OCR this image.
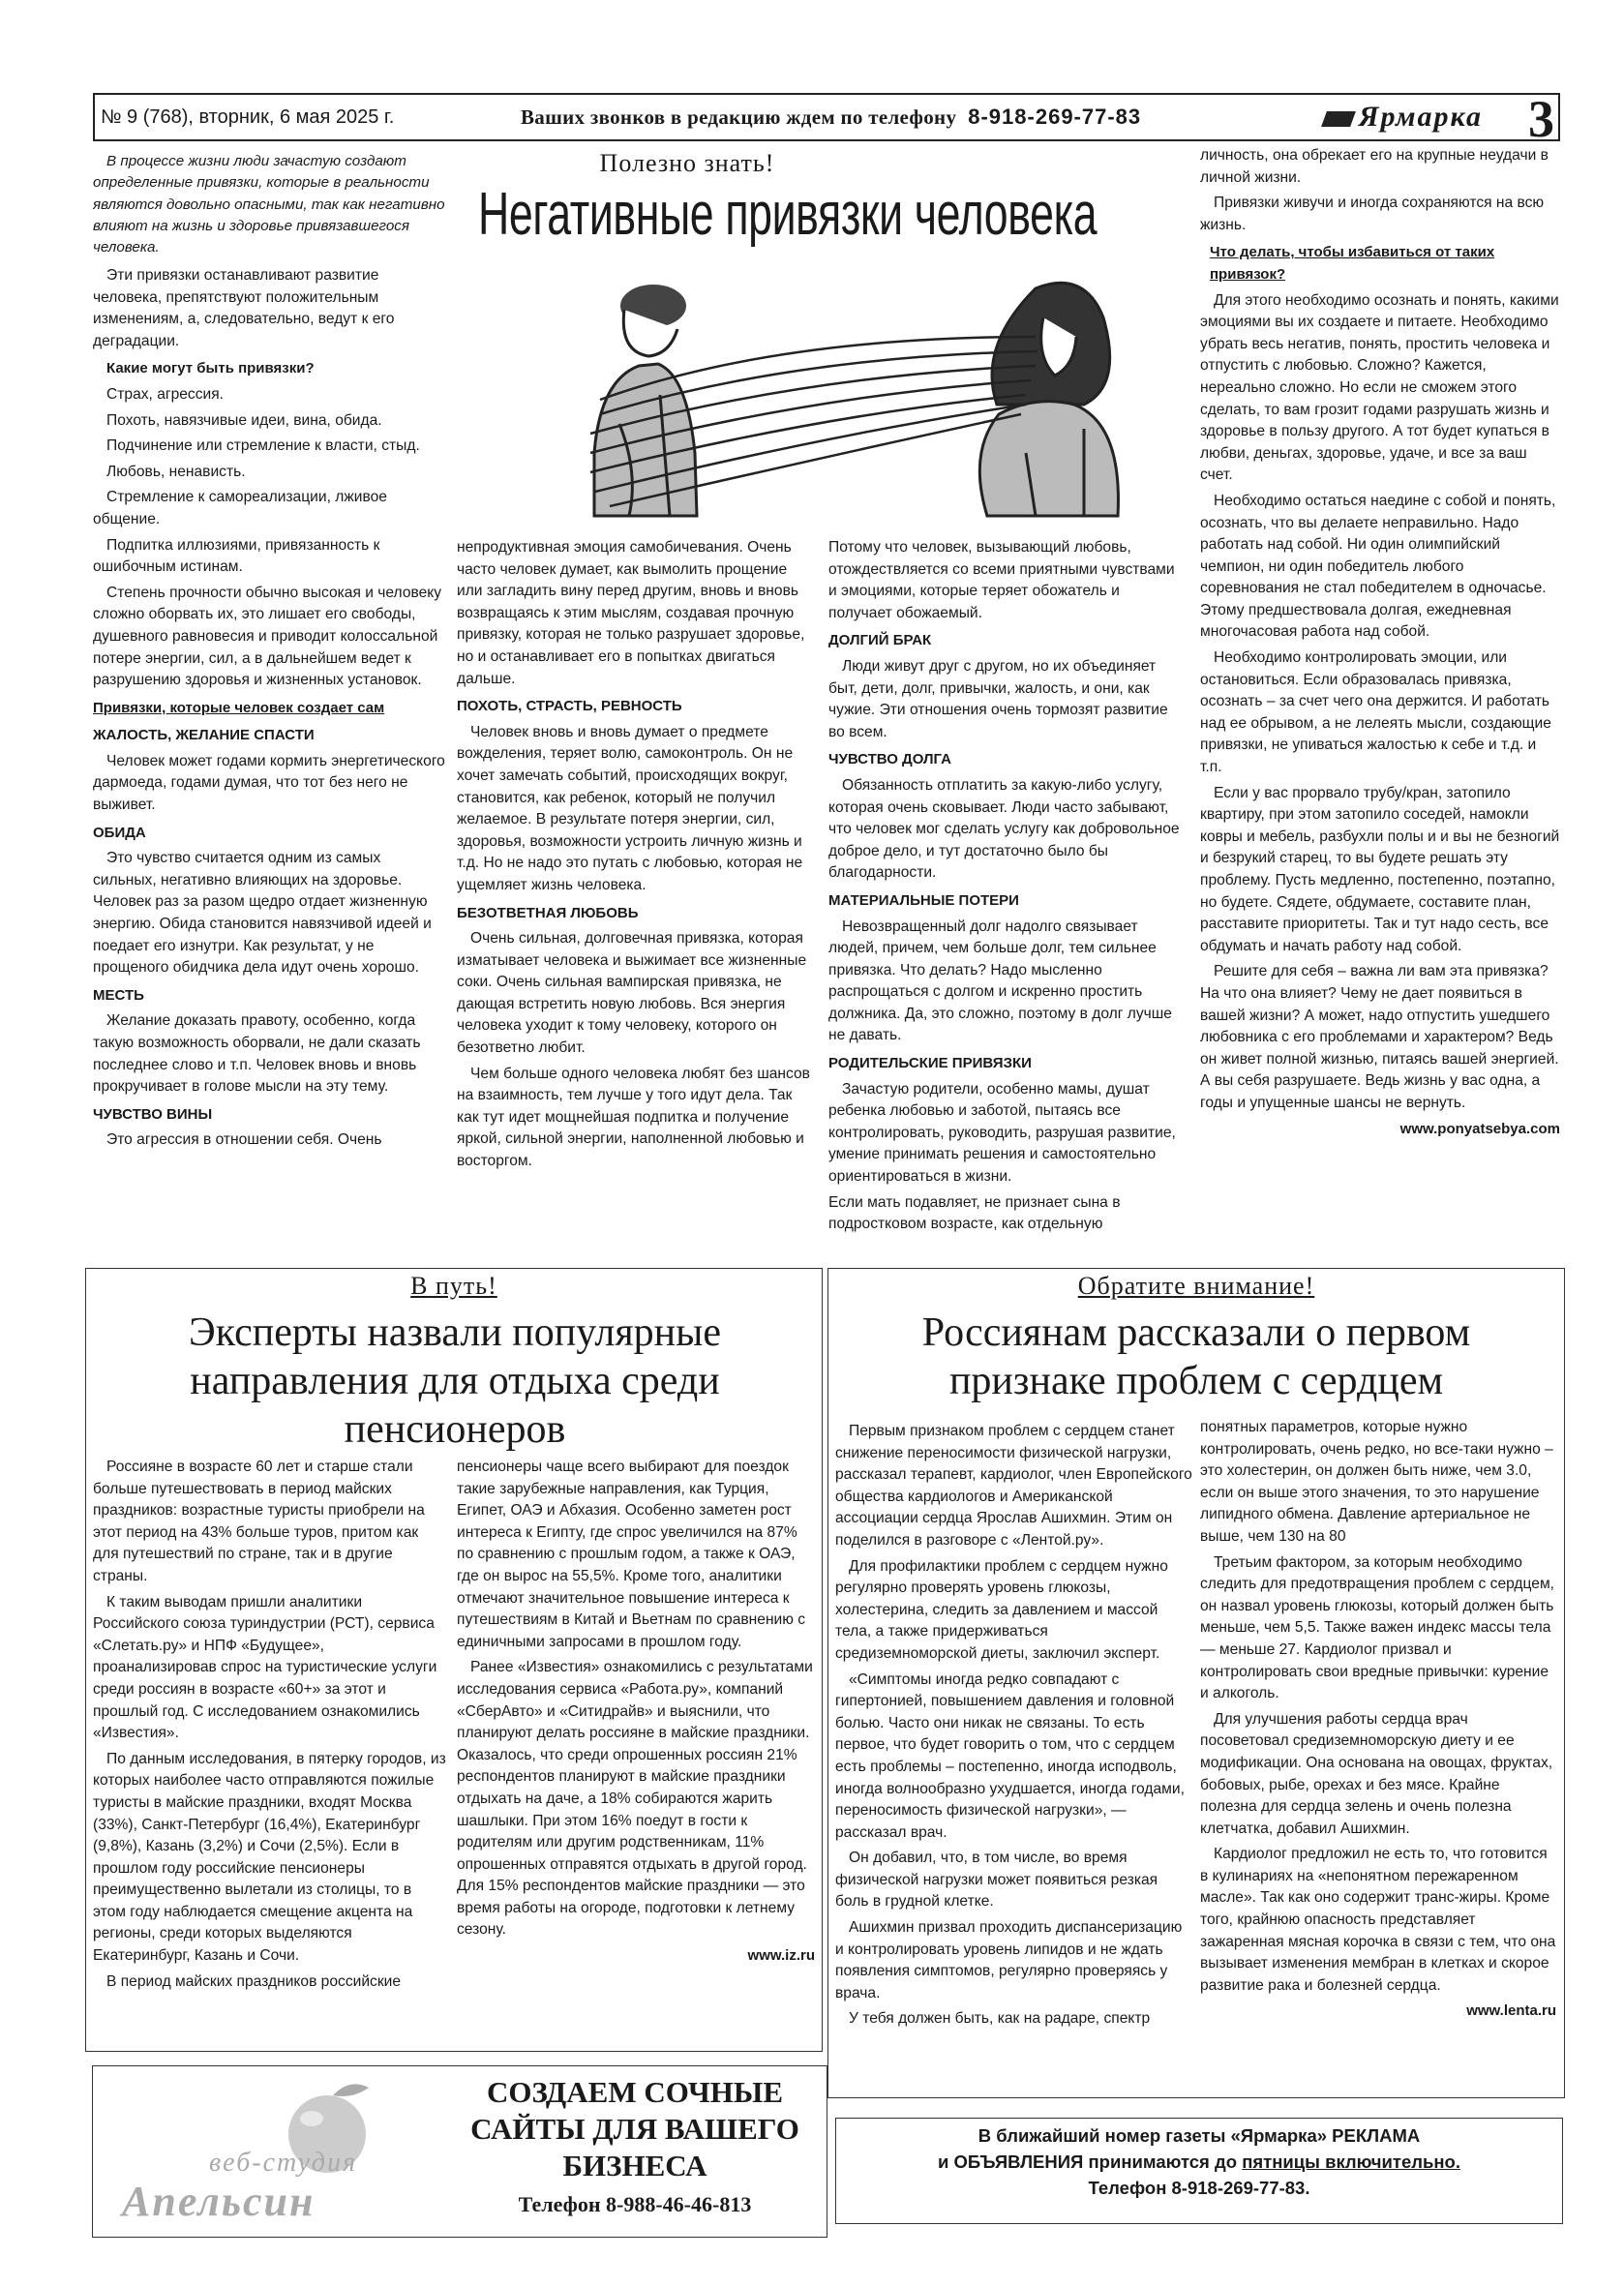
№ 9 (768), вторник, 6 мая 2025 г.	Ваших звонков в редакцию ждем по телефону 8-918-269-77-83	Ярмарка 3
Полезно знать!
Негативные привязки человека
В процессе жизни люди зачастую создают определенные привязки, которые в реальности являются довольно опасными, так как негативно влияют на жизнь и здоровье привязавшегося человека.

Эти привязки останавливают развитие человека, препятствуют положительным изменениям, а, следовательно, ведут к его деградации.

Какие могут быть привязки?

Страх, агрессия.

Похоть, навязчивые идеи, вина, обида.

Подчинение или стремление к власти, стыд.

Любовь, ненависть.

Стремление к самореализации, лживое общение.

Подпитка иллюзиями, привязанность к ошибочным истинам.

Степень прочности обычно высокая и человеку сложно оборвать их, это лишает его свободы, душевного равновесия и приводит колоссальной потере энергии, сил, а в дальнейшем ведет к разрушению здоровья и жизненных установок.

Привязки, которые человек создает сам
ЖАЛОСТЬ, ЖЕЛАНИЕ СПАСТИ

Человек может годами кормить энергетического дармоеда, годами думая, что тот без него не выживет.

ОБИДА

Это чувство считается одним из самых сильных, негативно влияющих на здоровье. Человек раз за разом щедро отдает жизненную энергию. Обида становится навязчивой идеей и поедает его изнутри. Как результат, у не прощеного обидчика дела идут очень хорошо.

МЕСТЬ

Желание доказать правоту, особенно, когда такую возможность оборвали, не дали сказать последнее слово и т.п. Человек вновь и вновь прокручивает в голове мысли на эту тему.

ЧУВСТВО ВИНЫ

Это агрессия в отношении себя. Очень

непродуктивная эмоция самобичевания. Очень часто человек думает, как вымолить прощение или загладить вину перед другим, вновь и вновь возвращаясь к этим мыслям, создавая прочную привязку, которая не только разрушает здоровье, но и останавливает его в попытках двигаться дальше.

ПОХОТЬ, СТРАСТЬ, РЕВНОСТЬ

Человек вновь и вновь думает о предмете вожделения, теряет волю, самоконтроль. Он не хочет замечать событий, происходящих вокруг, становится, как ребенок, который не получил желаемое. В результате потеря энергии, сил, здоровья, возможности устроить личную жизнь и т.д. Но не надо это путать с любовью, которая не ущемляет жизнь человека.

БЕЗОТВЕТНАЯ ЛЮБОВЬ

Очень сильная, долговечная привязка, которая изматывает человека и выжимает все жизненные соки. Очень сильная вампирская привязка, не дающая встретить новую любовь. Вся энергия человека уходит к тому человеку, которого он безответно любит.

Чем больше одного человека любят без шансов на взаимность, тем лучше у того идут дела. Так как тут идет мощнейшая подпитка и получение яркой, сильной энергии, наполненной любовью и восторгом.

Потому что человек, вызывающий любовь, отождествляется со всеми приятными чувствами и эмоциями, которые теряет обожатель и получает обожаемый.

ДОЛГИЙ БРАК

Люди живут друг с другом, но их объединяет быт, дети, долг, привычки, жалость, и они, как чужие. Эти отношения очень тормозят развитие во всем.

ЧУВСТВО ДОЛГА

Обязанность отплатить за какую-либо услугу, которая очень сковывает. Люди часто забывают, что человек мог сделать услугу как добровольное доброе дело, и тут достаточно было бы благодарности.

МАТЕРИАЛЬНЫЕ ПОТЕРИ

Невозвращенный долг надолго связывает людей, причем, чем больше долг, тем сильнее привязка. Что делать? Надо мысленно распрощаться с долгом и искренно простить должника. Да, это сложно, поэтому в долг лучше не давать.

РОДИТЕЛЬСКИЕ ПРИВЯЗКИ

Зачастую родители, особенно мамы, душат ребенка любовью и заботой, пытаясь все контролировать, руководить, разрушая развитие, умение принимать решения и самостоятельно ориентироваться в жизни.

Если мать подавляет, не признает сына в подростковом возрасте, как отдельную

личность, она обрекает его на крупные неудачи в личной жизни.

Привязки живучи и иногда сохраняются на всю жизнь.

Что делать, чтобы избавиться от таких привязок?

Для этого необходимо осознать и понять, какими эмоциями вы их создаете и питаете. Необходимо убрать весь негатив, понять, простить человека и отпустить с любовью. Сложно? Кажется, нереально сложно. Но если не сможем этого сделать, то вам грозит годами разрушать жизнь и здоровье в пользу другого. А тот будет купаться в любви, деньгах, здоровье, удаче, и все за ваш счет.

Необходимо остаться наедине с собой и понять, осознать, что вы делаете неправильно. Надо работать над собой. Ни один олимпийский чемпион, ни один победитель любого соревнования не стал победителем в одночасье. Этому предшествовала долгая, ежедневная многочасовая работа над собой.

Необходимо контролировать эмоции, или остановиться. Если образовалась привязка, осознать – за счет чего она держится. И работать над ее обрывом, а не лелеять мысли, создающие привязки, не упиваться жалостью к себе и т.д. и т.п.

Если у вас прорвало трубу/кран, затопило квартиру, при этом затопило соседей, намокли ковры и мебель, разбухли полы и и вы не безногий и безрукий старец, то вы будете решать эту проблему. Пусть медленно, постепенно, поэтапно, но будете. Сядете, обдумаете, составите план, расставите приоритеты. Так и тут надо сесть, все обдумать и начать работу над собой.

Решите для себя – важна ли вам эта привязка? На что она влияет? Чему не дает появиться в вашей жизни? А может, надо отпустить ушедшего любовника с его проблемами и характером? Ведь он живет полной жизнью, питаясь вашей энергией. А вы себя разрушаете. Ведь жизнь у вас одна, а годы и упущенные шансы не вернуть.

www.ponyatsebya.com
В путь!
Эксперты назвали популярные направления для отдыха среди пенсионеров

Россияне в возрасте 60 лет и старше стали больше путешествовать в период майских праздников: возрастные туристы приобрели на этот период на 43% больше туров, притом как для путешествий по стране, так и в другие страны.

К таким выводам пришли аналитики Российского союза туриндустрии (РСТ), сервиса «Слетать.ру» и НПФ «Будущее», проанализировав спрос на туристические услуги среди россиян в возрасте «60+» за этот и прошлый год. С исследованием ознакомились «Известия».

По данным исследования, в пятерку городов, из которых наиболее часто отправляются пожилые туристы в майские праздники, входят Москва (33%), Санкт-Петербург (16,4%), Екатеринбург (9,8%), Казань (3,2%) и Сочи (2,5%). Если в прошлом году российские пенсионеры преимущественно вылетали из столицы, то в этом году наблюдается смещение акцента на регионы, среди которых выделяются Екатеринбург, Казань и Сочи.

В период майских праздников российские

пенсионеры чаще всего выбирают для поездок такие зарубежные направления, как Турция, Египет, ОАЭ и Абхазия. Особенно заметен рост интереса к Египту, где спрос увеличился на 87% по сравнению с прошлым годом, а также к ОАЭ, где он вырос на 55,5%. Кроме того, аналитики отмечают значительное повышение интереса к путешествиям в Китай и Вьетнам по сравнению с единичными запросами в прошлом году.

Ранее «Известия» ознакомились с результатами исследования сервиса «Работа.ру», компаний «СберАвто» и «Ситидрайв» и выяснили, что планируют делать россияне в майские праздники. Оказалось, что среди опрошенных россиян 21% респондентов планируют в майские праздники отдыхать на даче, а 18% собираются жарить шашлыки. При этом 16% поедут в гости к родителям или другим родственникам, 11% опрошенных отправятся отдыхать в другой город. Для 15% респондентов майские праздники — это время работы на огороде, подготовки к летнему сезону.

www.iz.ru
Обратите внимание!
Россиянам рассказали о первом признаке проблем с сердцем

Первым признаком проблем с сердцем станет снижение переносимости физической нагрузки, рассказал терапевт, кардиолог, член Европейского общества кардиологов и Американской ассоциации сердца Ярослав Ашихмин. Этим он поделился в разговоре с «Лентой.ру».

Для профилактики проблем с сердцем нужно регулярно проверять уровень глюкозы, холестерина, следить за давлением и массой тела, а также придерживаться средиземноморской диеты, заключил эксперт.

«Симптомы иногда редко совпадают с гипертонией, повышением давления и головной болью. Часто они никак не связаны. То есть первое, что будет говорить о том, что с сердцем есть проблемы – постепенно, иногда исподволь, иногда волнообразно ухудшается, иногда годами, переносимость физической нагрузки», — рассказал врач.

Он добавил, что, в том числе, во время физической нагрузки может появиться резкая боль в грудной клетке.

Ашихмин призвал проходить диспансеризацию и контролировать уровень липидов и не ждать появления симптомов, регулярно проверяясь у врача.

У тебя должен быть, как на радаре, спектр

понятных параметров, которые нужно контролировать, очень редко, но все-таки нужно – это холестерин, он должен быть ниже, чем 3.0, если он выше этого значения, то это нарушение липидного обмена. Давление артериальное не выше, чем 130 на 80

Третьим фактором, за которым необходимо следить для предотвращения проблем с сердцем, он назвал уровень глюкозы, который должен быть меньше, чем 5,5. Также важен индекс массы тела — меньше 27. Кардиолог призвал и контролировать свои вредные привычки: курение и алкоголь.

Для улучшения работы сердца врач посоветовал средиземноморскую диету и ее модификации. Она основана на овощах, фруктах, бобовых, рыбе, орехах и без мясе. Крайне полезна для сердца зелень и очень полезна клетчатка, добавил Ашихмин.

Кардиолог предложил не есть то, что готовится в кулинариях на «непонятном пережаренном масле». Так как оно содержит транс-жиры. Кроме того, крайнюю опасность представляет зажаренная мясная корочка в связи с тем, что она вызывает изменения мембран в клетках и скорое развитие рака и болезней сердца.

www.lenta.ru
веб-студия
Апельсин
СОЗДАЕМ СОЧНЫЕ САЙТЫ ДЛЯ ВАШЕГО БИЗНЕСА
Телефон 8-988-46-46-813
В ближайший номер газеты «Ярмарка» РЕКЛАМА
и ОБЪЯВЛЕНИЯ принимаются до пятницы включительно.
Телефон 8-918-269-77-83.
